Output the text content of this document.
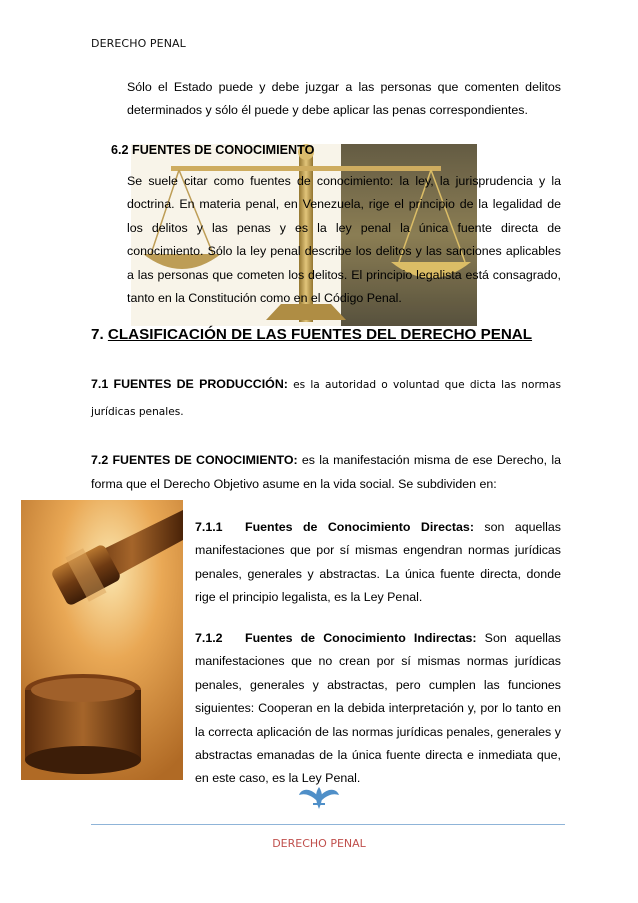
DERECHO PENAL

Sólo el Estado puede y debe juzgar a las personas que comenten delitos determinados y sólo él puede y debe aplicar las penas correspondientes.

6.2 FUENTES DE CONOCIMIENTO

Se suele citar como fuentes de conocimiento: la ley, la jurisprudencia y la doctrina. En materia penal, en Venezuela, rige el principio de la legalidad de los delitos y las penas y es la ley penal la única fuente directa de conocimiento. Sólo la ley penal describe los delitos y las sanciones aplicables a las personas que cometen los delitos. El principio legalista está consagrado, tanto en la Constitución como en el Código Penal.

7. CLASIFICACIÓN DE LAS FUENTES DEL DERECHO PENAL

7.1 FUENTES DE PRODUCCIÓN: es la autoridad o voluntad que dicta las normas jurídicas penales.

7.2 FUENTES DE CONOCIMIENTO: es la manifestación misma de ese Derecho, la forma que el Derecho Objetivo asume en la vida social. Se subdividen en:

7.1.1 Fuentes de Conocimiento Directas: son aquellas manifestaciones que por sí mismas engendran normas jurídicas penales, generales y abstractas. La única fuente directa, donde rige el principio legalista, es la Ley Penal.
7.1.2 Fuentes de Conocimiento Indirectas: Son aquellas manifestaciones que no crean por sí mismas normas jurídicas penales, generales y abstractas, pero cumplen las funciones siguientes: Cooperan en la debida interpretación y, por lo tanto en la correcta aplicación de las normas jurídicas penales, generales y abstractas emanadas de la única fuente directa e inmediata que, en este caso, es la Ley Penal.
DERECHO PENAL
